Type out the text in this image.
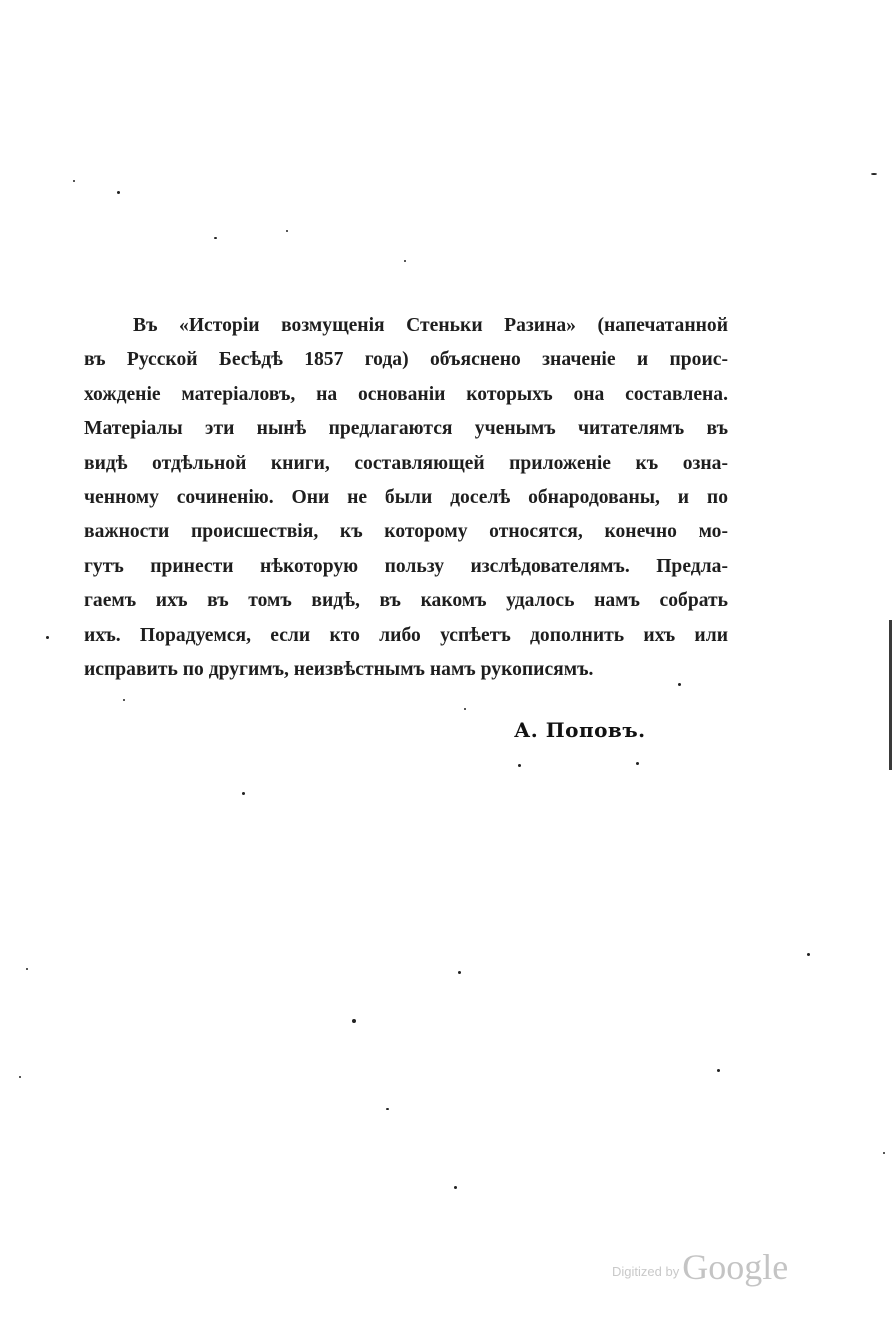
Въ «Исторіи возмущенія Стеньки Разина» (напечатанной
въ Русской Бесѣдѣ 1857 года) объяснено значеніе и проис-
хожденіе матеріаловъ, на основаніи которыхъ она составлена.
Матеріалы эти нынѣ предлагаются ученымъ читателямъ въ
видѣ отдѣльной книги, составляющей приложеніе къ озна-
ченному сочиненію. Они не были доселѣ обнародованы, и по
важности происшествія, къ которому относятся, конечно мо-
гутъ принести нѣкоторую пользу изслѣдователямъ. Предла-
гаемъ ихъ въ томъ видѣ, въ какомъ удалось намъ собрать
ихъ. Порадуемся, если кто либо успѣетъ дополнить ихъ или
исправить по другимъ, неизвѣстнымъ намъ рукописямъ.
А. Поповъ.
Digitized byGoogle
